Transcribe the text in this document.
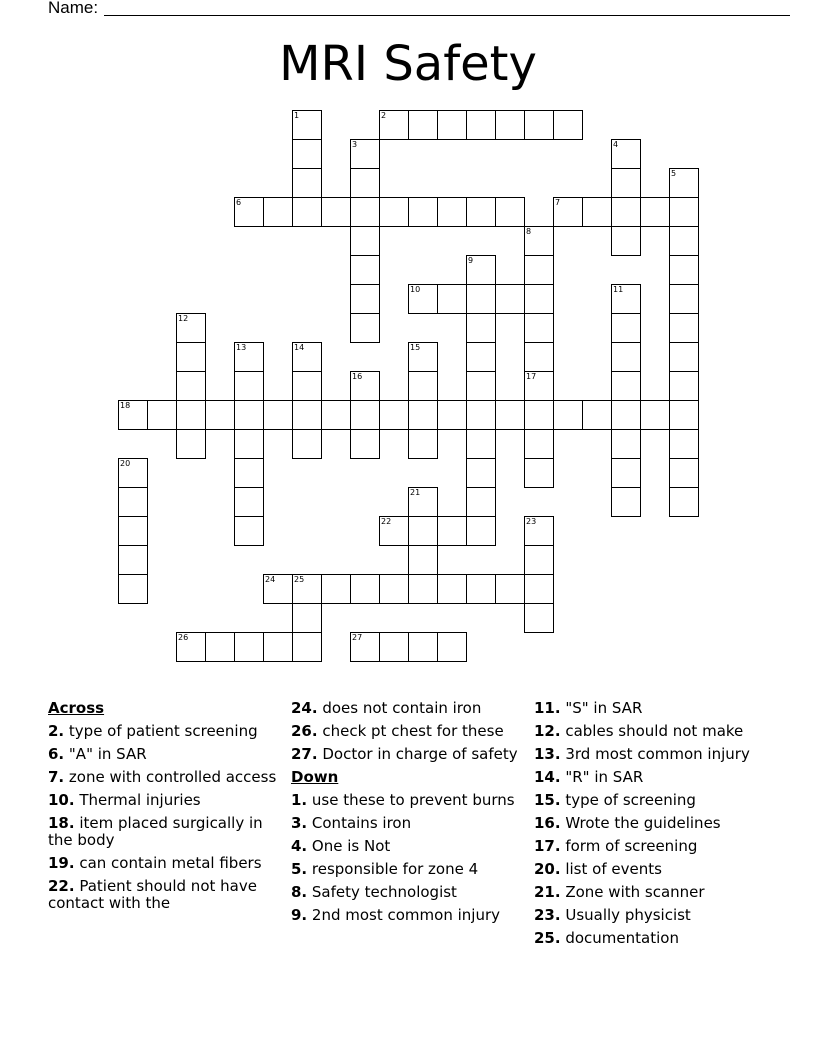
Name:
MRI Safety
1	2
3	4
5
6	7
8
9
10	11
12
13	14	15
16	17
18
20
21
22	23
24 25
26	27
Across
2. type of patient screening
6. "A" in SAR
7. zone with controlled access
10. Thermal injuries
18. item placed surgically in the body
19. can contain metal fibers
22. Patient should not have contact with the
24. does not contain iron
26. check pt chest for these
27. Doctor in charge of safety
Down
1. use these to prevent burns
3. Contains iron
4. One is Not
5. responsible for zone 4
8. Safety technologist
9. 2nd most common injury
11. "S" in SAR
12. cables should not make
13. 3rd most common injury
14. "R" in SAR
15. type of screening
16. Wrote the guidelines
17. form of screening
20. list of events
21. Zone with scanner
23. Usually physicist
25. documentation
